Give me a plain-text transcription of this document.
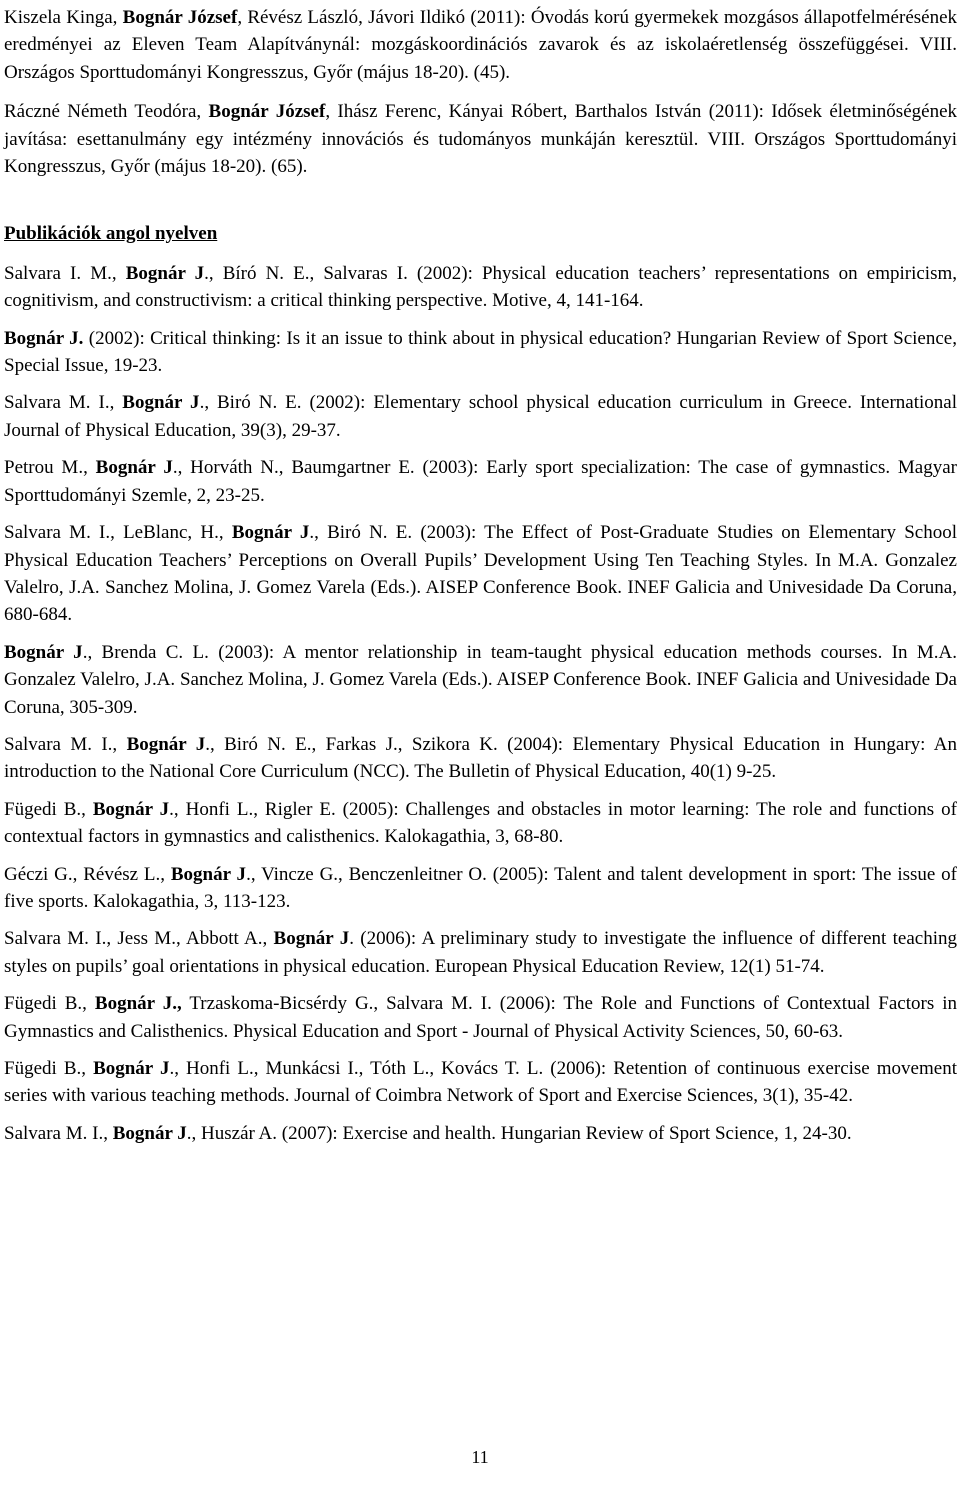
Kiszela Kinga, Bognár József, Révész László, Jávori Ildikó (2011): Óvodás korú gyermekek mozgásos állapotfelmérésének eredményei az Eleven Team Alapítványnál: mozgáskoordinációs zavarok és az iskolaéretlenség összefüggései. VIII. Országos Sporttudományi Kongresszus, Győr (május 18-20). (45).

Ráczné Németh Teodóra, Bognár József, Ihász Ferenc, Kányai Róbert, Barthalos István (2011): Idősek életminőségének javítása: esettanulmány egy intézmény innovációs és tudományos munkáján keresztül. VIII. Országos Sporttudományi Kongresszus, Győr (május 18-20). (65).

Publikációk angol nyelven

Salvara I. M., Bognár J., Bíró N. E., Salvaras I. (2002): Physical education teachers’ representations on empiricism, cognitivism, and constructivism: a critical thinking perspective. Motive, 4, 141-164.

Bognár J. (2002): Critical thinking: Is it an issue to think about in physical education? Hungarian Review of Sport Science, Special Issue, 19-23.

Salvara M. I., Bognár J., Biró N. E. (2002): Elementary school physical education curriculum in Greece. International Journal of Physical Education, 39(3), 29-37.

Petrou M., Bognár J., Horváth N., Baumgartner E. (2003): Early sport specialization: The case of gymnastics. Magyar Sporttudományi Szemle, 2, 23-25.

Salvara M. I., LeBlanc, H., Bognár J., Biró N. E. (2003): The Effect of Post-Graduate Studies on Elementary School Physical Education Teachers’ Perceptions on Overall Pupils’ Development Using Ten Teaching Styles. In M.A. Gonzalez Valelro, J.A. Sanchez Molina, J. Gomez Varela (Eds.). AISEP Conference Book. INEF Galicia and Univesidade Da Coruna, 680-684.

Bognár J., Brenda C. L. (2003): A mentor relationship in team-taught physical education methods courses. In M.A. Gonzalez Valelro, J.A. Sanchez Molina, J. Gomez Varela (Eds.). AISEP Conference Book. INEF Galicia and Univesidade Da Coruna, 305-309.

Salvara M. I., Bognár J., Biró N. E., Farkas J., Szikora K. (2004): Elementary Physical Education in Hungary: An introduction to the National Core Curriculum (NCC). The Bulletin of Physical Education, 40(1) 9-25.

Fügedi B., Bognár J., Honfi L., Rigler E. (2005): Challenges and obstacles in motor learning: The role and functions of contextual factors in gymnastics and calisthenics. Kalokagathia, 3, 68-80.

Géczi G., Révész L., Bognár J., Vincze G., Benczenleitner O. (2005): Talent and talent development in sport: The issue of five sports. Kalokagathia, 3, 113-123.

Salvara M. I., Jess M., Abbott A., Bognár J. (2006): A preliminary study to investigate the influence of different teaching styles on pupils’ goal orientations in physical education. European Physical Education Review, 12(1) 51-74.

Fügedi B., Bognár J., Trzaskoma-Bicsérdy G., Salvara M. I. (2006): The Role and Functions of Contextual Factors in Gymnastics and Calisthenics. Physical Education and Sport - Journal of Physical Activity Sciences, 50, 60-63.

Fügedi B., Bognár J., Honfi L., Munkácsi I., Tóth L., Kovács T. L. (2006): Retention of continuous exercise movement series with various teaching methods. Journal of Coimbra Network of Sport and Exercise Sciences, 3(1), 35-42.

Salvara M. I., Bognár J., Huszár A. (2007): Exercise and health. Hungarian Review of Sport Science, 1, 24-30.

11
